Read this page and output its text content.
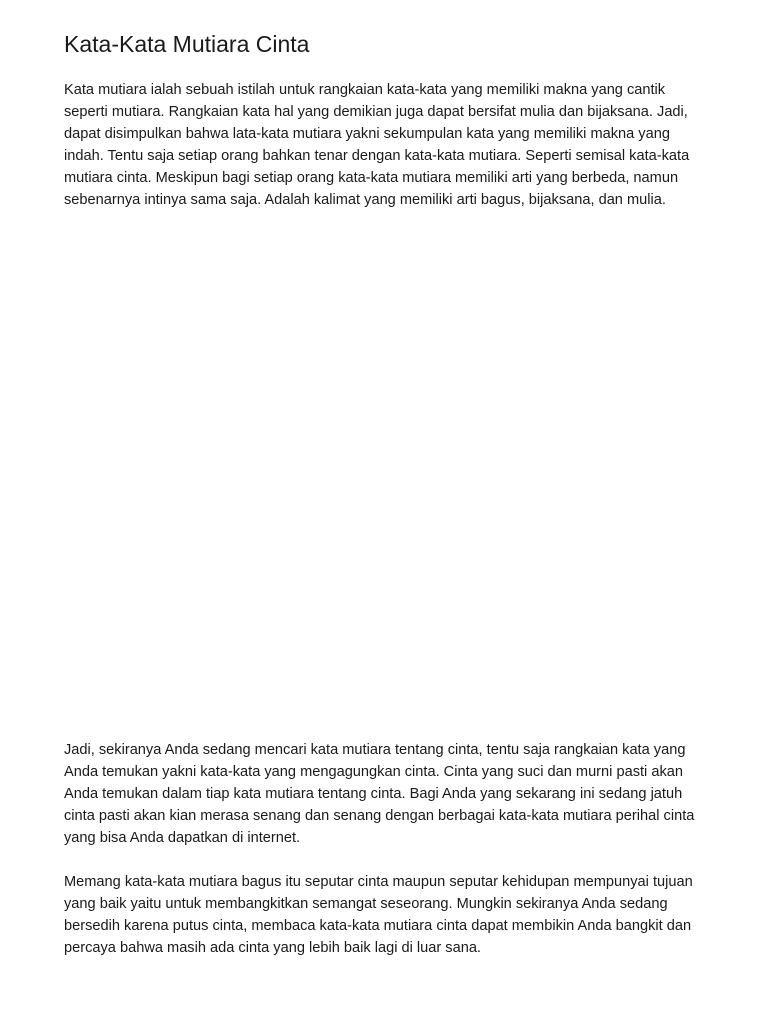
Kata-Kata Mutiara Cinta

Kata mutiara ialah sebuah istilah untuk rangkaian kata-kata yang memiliki makna yang cantik seperti mutiara. Rangkaian kata hal yang demikian juga dapat bersifat mulia dan bijaksana. Jadi, dapat disimpulkan bahwa lata-kata mutiara yakni sekumpulan kata yang memiliki makna yang indah. Tentu saja setiap orang bahkan tenar dengan kata-kata mutiara. Seperti semisal kata-kata mutiara cinta. Meskipun bagi setiap orang kata-kata mutiara memiliki arti yang berbeda, namun sebenarnya intinya sama saja. Adalah kalimat yang memiliki arti bagus, bijaksana, dan mulia.

Jadi, sekiranya Anda sedang mencari kata mutiara tentang cinta, tentu saja rangkaian kata yang Anda temukan yakni kata-kata yang mengagungkan cinta. Cinta yang suci dan murni pasti akan Anda temukan dalam tiap kata mutiara tentang cinta. Bagi Anda yang sekarang ini sedang jatuh cinta pasti akan kian merasa senang dan senang dengan berbagai kata-kata mutiara perihal cinta yang bisa Anda dapatkan di internet.

Memang kata-kata mutiara bagus itu seputar cinta maupun seputar kehidupan mempunyai tujuan yang baik yaitu untuk membangkitkan semangat seseorang. Mungkin sekiranya Anda sedang bersedih karena putus cinta, membaca kata-kata mutiara cinta dapat membikin Anda bangkit dan percaya bahwa masih ada cinta yang lebih baik lagi di luar sana.
